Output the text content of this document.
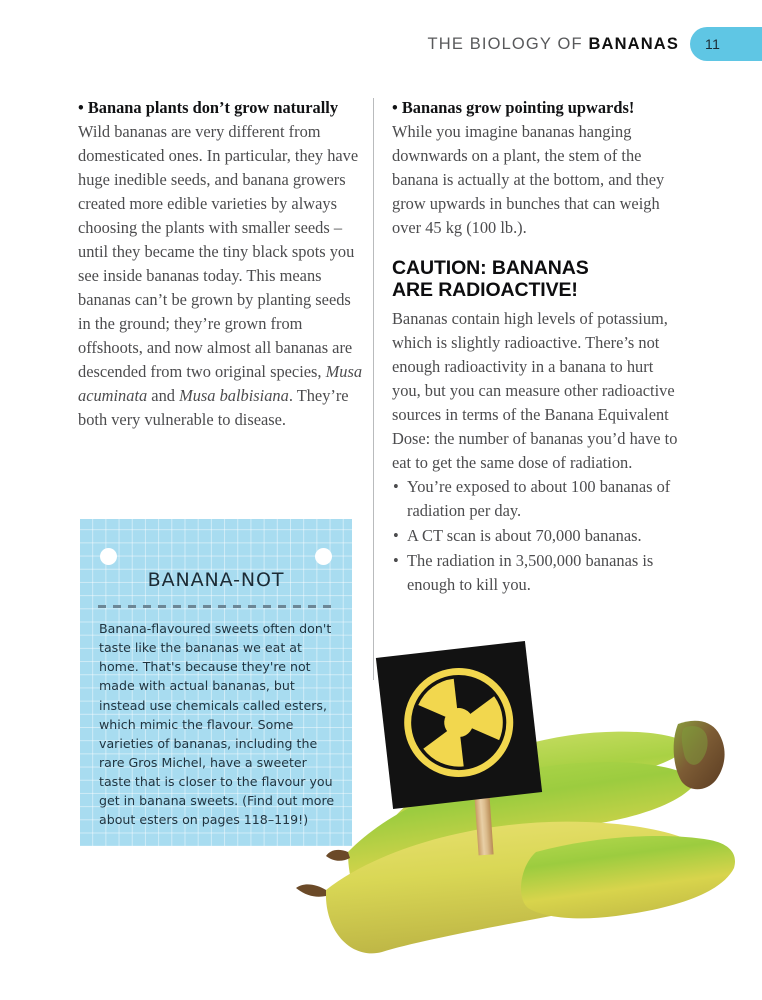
THE BIOLOGY OF BANANAS	11

• Banana plants don’t grow naturally Wild bananas are very different from domesticated ones. In particular, they have huge inedible seeds, and banana growers created more edible varieties by always choosing the plants with smaller seeds – until they became the tiny black spots you see inside bananas today. This means bananas can’t be grown by planting seeds in the ground; they’re grown from offshoots, and now almost all bananas are descended from two original species, Musa acuminata and Musa balbisiana. They’re both very vulnerable to disease.

• Bananas grow pointing upwards!
While you imagine bananas hanging downwards on a plant, the stem of the banana is actually at the bottom, and they grow upwards in bunches that can weigh over 45 kg (100 lb.).

CAUTION: BANANAS
ARE RADIOACTIVE!

Bananas contain high levels of potassium, which is slightly radioactive. There’s not enough radioactivity in a banana to hurt you, but you can measure other radioactive sources in terms of the Banana Equivalent Dose: the number of bananas you’d have to eat to get the same dose of radiation.

• You’re exposed to about 100 bananas of radiation per day.
• A CT scan is about 70,000 bananas.
• The radiation in 3,500,000 bananas is enough to kill you.
BANANA-NOT
Banana-flavoured sweets often don't taste like the bananas we eat at home. That's because they're not made with actual bananas, but instead use chemicals called esters, which mimic the flavour. Some varieties of bananas, including the rare Gros Michel, have a sweeter taste that is closer to the flavour you get in banana sweets. (Find out more about esters on pages 118–119!)
